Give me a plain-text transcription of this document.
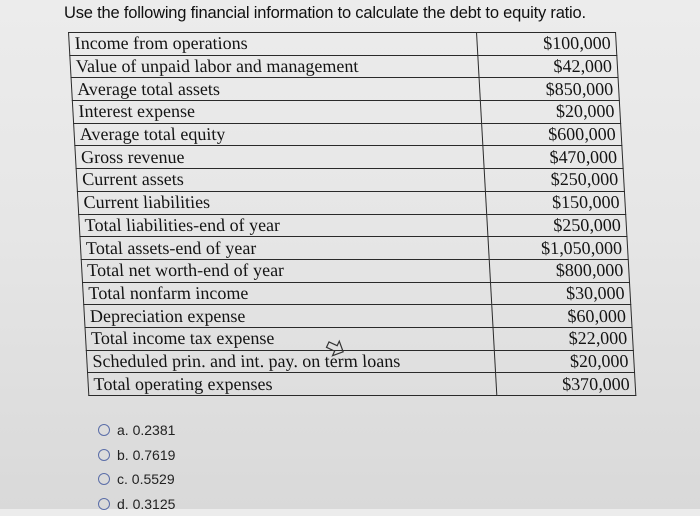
Use the following financial information to calculate the debt to equity ratio.
Income from operations	$100,000
Value of unpaid labor and management	$42,000
Average total assets	$850,000
Interest expense	$20,000
Average total equity	$600,000
Gross revenue	$470,000
Current assets	$250,000
Current liabilities	$150,000
Total liabilities-end of year	$250,000
Total assets-end of year	$1,050,000
Total net worth-end of year	$800,000
Total nonfarm income	$30,000
Depreciation expense	$60,000
Total income tax expense	$22,000
Scheduled prin. and int. pay. on term loans	$20,000
Total operating expenses	$370,000
a. 0.2381
b. 0.7619
c. 0.5529
d. 0.3125
